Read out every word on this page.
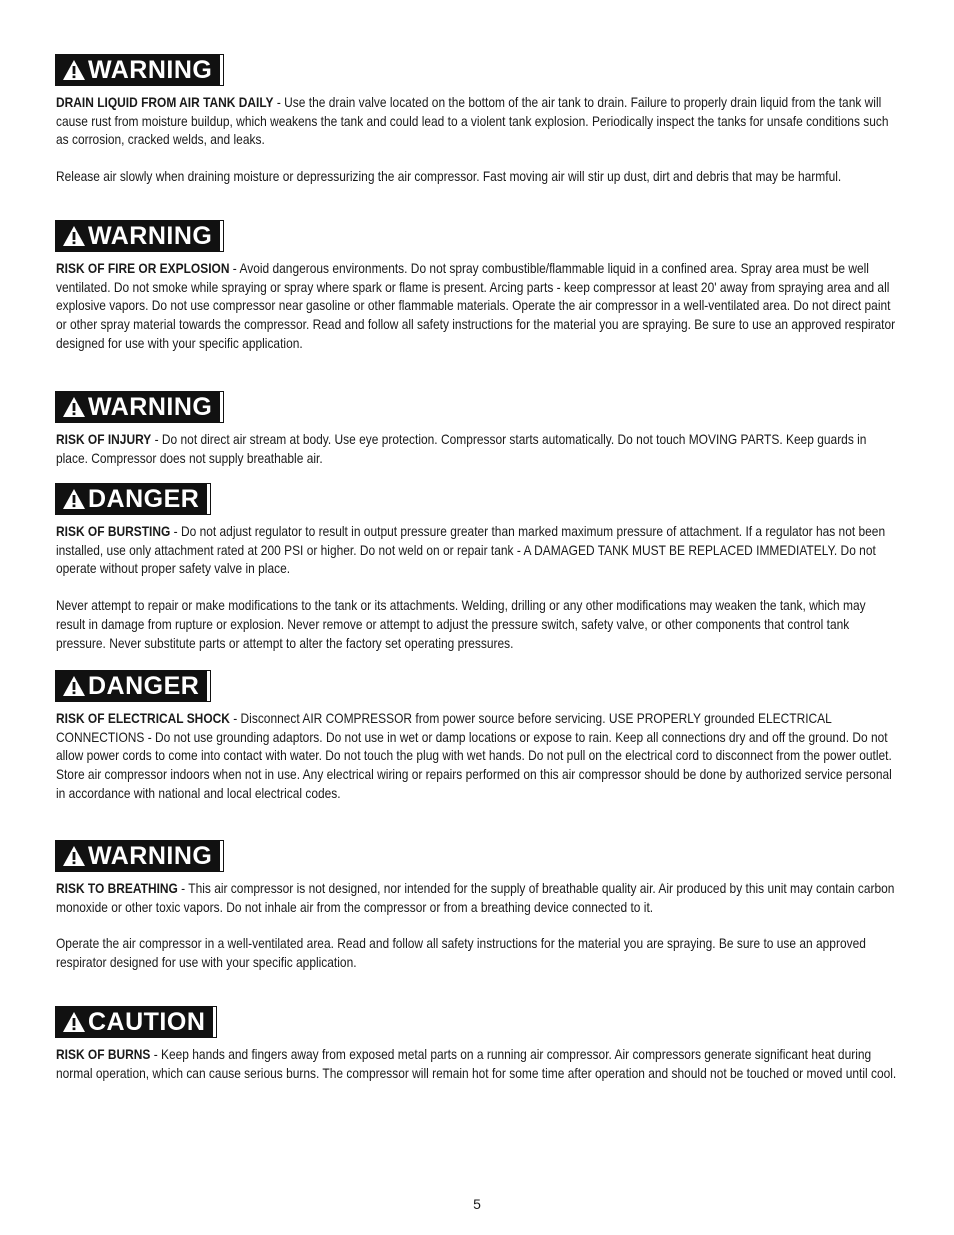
WARNING

DRAIN LIQUID FROM AIR TANK DAILY - Use the drain valve located on the bottom of the air tank to drain. Failure to properly drain liquid from the tank will cause rust from moisture buildup, which weakens the tank and could lead to a violent tank explosion. Periodically inspect the tanks for unsafe conditions such as corrosion, cracked welds, and leaks.

Release air slowly when draining moisture or depressurizing the air compressor. Fast moving air will stir up dust, dirt and debris that may be harmful.

WARNING

RISK OF FIRE OR EXPLOSION - Avoid dangerous environments. Do not spray combustible/flammable liquid in a confined area. Spray area must be well ventilated. Do not smoke while spraying or spray where spark or flame is present. Arcing parts - keep compressor at least 20' away from spraying area and all explosive vapors. Do not use compressor near gasoline or other flammable materials. Operate the air compressor in a well-ventilated area. Do not direct paint or other spray material towards the compressor. Read and follow all safety instructions for the material you are spraying. Be sure to use an approved respirator designed for use with your specific application.

WARNING

RISK OF INJURY - Do not direct air stream at body. Use eye protection. Compressor starts automatically. Do not touch MOVING PARTS. Keep guards in place. Compressor does not supply breathable air.

DANGER

RISK OF BURSTING - Do not adjust regulator to result in output pressure greater than marked maximum pressure of attachment. If a regulator has not been installed, use only attachment rated at 200 PSI or higher. Do not weld on or repair tank - A DAMAGED TANK MUST BE REPLACED IMMEDIATELY. Do not operate without proper safety valve in place.

Never attempt to repair or make modifications to the tank or its attachments. Welding, drilling or any other modifications may weaken the tank, which may result in damage from rupture or explosion. Never remove or attempt to adjust the pressure switch, safety valve, or other components that control tank pressure. Never substitute parts or attempt to alter the factory set operating pressures.

DANGER

RISK OF ELECTRICAL SHOCK - Disconnect AIR COMPRESSOR from power source before servicing. USE PROPERLY grounded ELECTRICAL CONNECTIONS - Do not use grounding adaptors. Do not use in wet or damp locations or expose to rain. Keep all connections dry and off the ground. Do not allow power cords to come into contact with water. Do not touch the plug with wet hands. Do not pull on the electrical cord to disconnect from the power outlet. Store air compressor indoors when not in use. Any electrical wiring or repairs performed on this air compressor should be done by authorized service personal in accordance with national and local electrical codes.

WARNING

RISK TO BREATHING - This air compressor is not designed, nor intended for the supply of breathable quality air. Air produced by this unit may contain carbon monoxide or other toxic vapors. Do not inhale air from the compressor or from a breathing device connected to it.

Operate the air compressor in a well-ventilated area. Read and follow all safety instructions for the material you are spraying. Be sure to use an approved respirator designed for use with your specific application.

CAUTION

RISK OF BURNS - Keep hands and fingers away from exposed metal parts on a running air compressor. Air compressors generate significant heat during normal operation, which can cause serious burns. The compressor will remain hot for some time after operation and should not be touched or moved until cool.

5
